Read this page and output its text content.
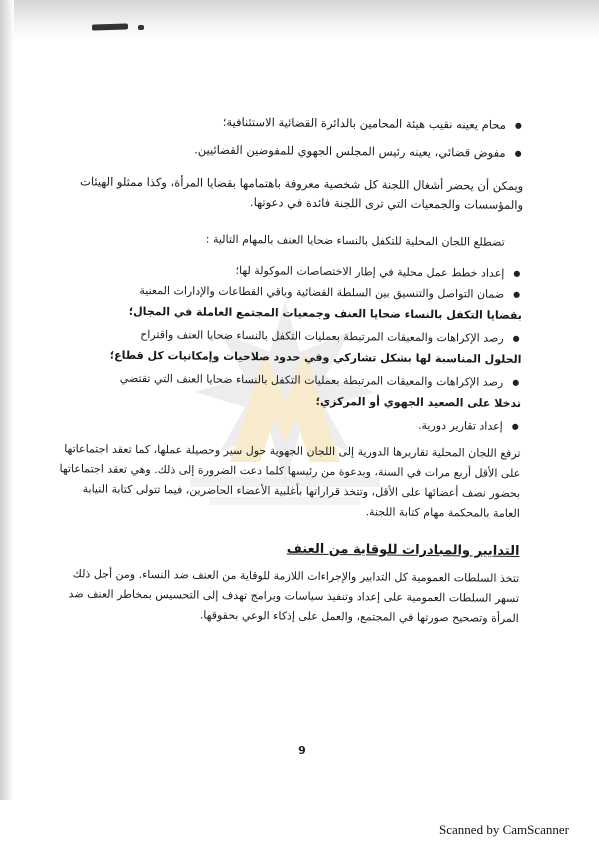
● محام يعينه نقيب هيئة المحامين بالدائرة القضائية الاستئنافية؛
● مفوض قضائي، يعينه رئيس المجلس الجهوي للمفوضين القضائيين.

ويمكن أن يحضر أشغال اللجنة كل شخصية معروفة باهتمامها بقضايا المرأة، وكذا ممثلو الهيئات والمؤسسات والجمعيات التي ترى اللجنة فائدة في دعوتها.

تضطلع اللجان المحلية للتكفل بالنساء ضحايا العنف بالمهام التالية :

● إعداد خطط عمل محلية في إطار الاختصاصات الموكولة لها؛
● ضمان التواصل والتنسيق بين السلطة القضائية وباقي القطاعات والإدارات المعنية

بقضايا التكفل بالنساء ضحايا العنف وجمعيات المجتمع العاملة في المجال؛

● رصد الإكراهات والمعيقات المرتبطة بعمليات التكفل بالنساء ضحايا العنف واقتراح

الحلول المناسبة لها بشكل تشاركي وفي حدود صلاحيات وإمكانيات كل قطاع؛

● رصد الإكراهات والمعيقات المرتبطة بعمليات التكفل بالنساء ضحايا العنف التي تقتضي

تدخلا على الصعيد الجهوي أو المركزي؛

● إعداد تقارير دورية.

ترفع اللجان المحلية تقاريرها الدورية إلى اللجان الجهوية حول سير وحصيلة عملها، كما تعقد اجتماعاتها على الأقل أربع مرات في السنة، وبدعوة من رئيسها كلما دعت الضرورة إلى ذلك. وهي تعقد اجتماعاتها بحضور نصف أعضائها على الأقل، وتتخذ قراراتها بأغلبية الأعضاء الحاضرين، فيما تتولى كتابة النيابة العامة بالمحكمة مهام كتابة اللجنة.

التدابير والمبادرات للوقاية من العنف

تتخذ السلطات العمومية كل التدابير والإجراءات اللازمة للوقاية من العنف ضد النساء. ومن أجل ذلك تسهر السلطات العمومية على إعداد وتنفيذ سياسات وبرامج تهدف إلى التحسيس بمخاطر العنف ضد المرأة وتصحيح صورتها في المجتمع، والعمل على إذكاء الوعي بحقوقها.

9
Scanned by CamScanner
